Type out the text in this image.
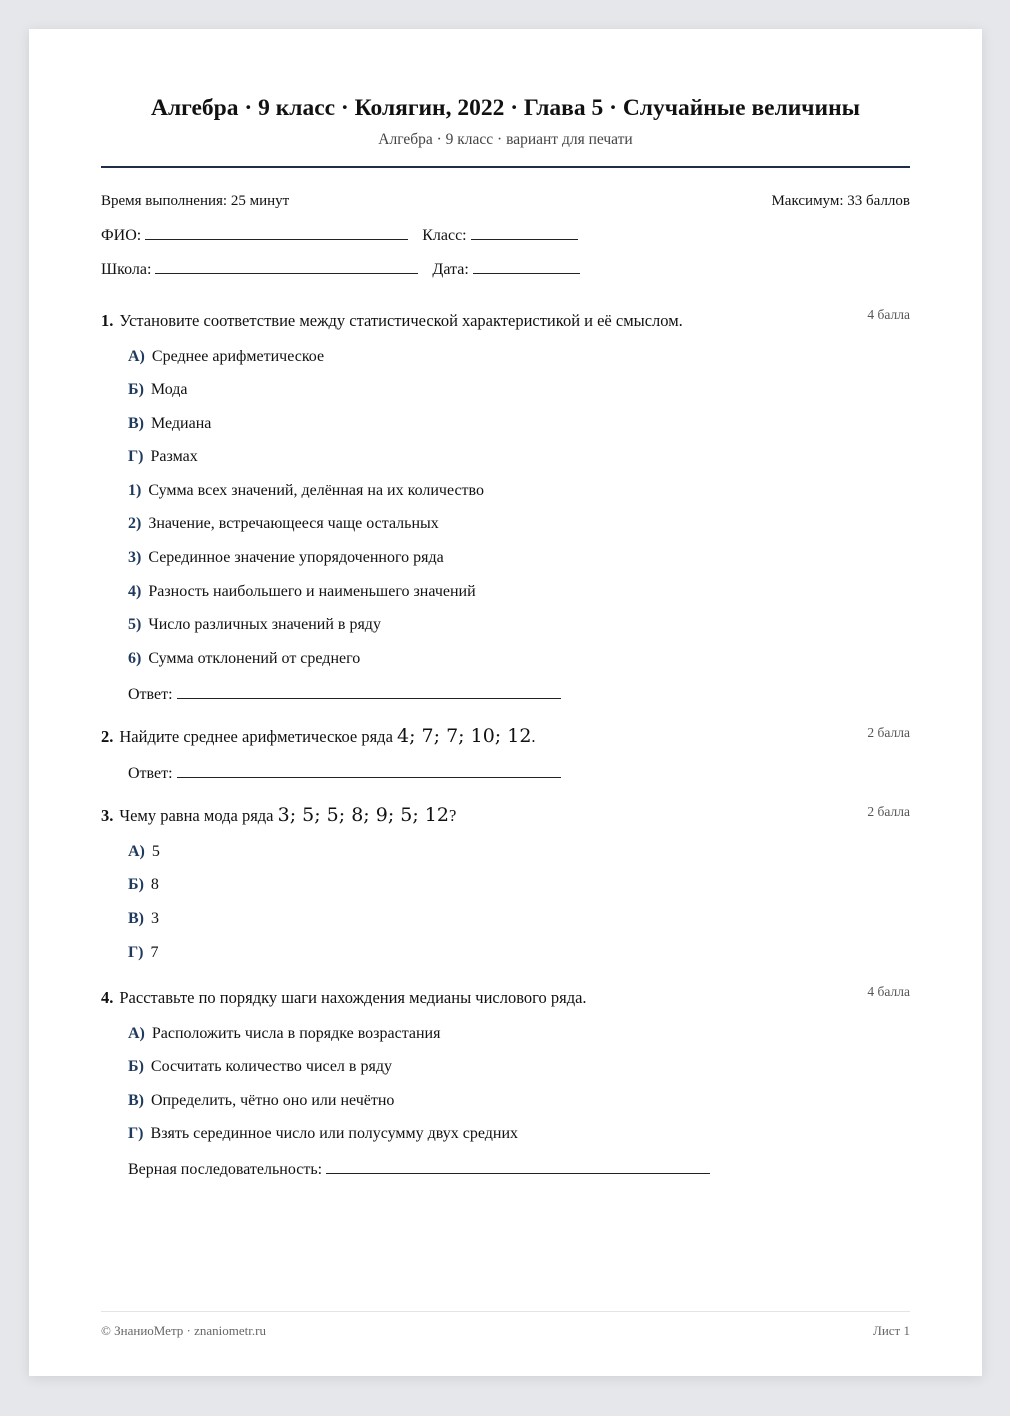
Алгебра · 9 класс · Колягин, 2022 · Глава 5 · Случайные величины
Алгебра · 9 класс · вариант для печати
Время выполнения: 25 минут	Максимум: 33 баллов
ФИО:	Класс:
Школа:	Дата:
1. Установите соответствие между статистической характеристикой и её смыслом.	4 балла
А) Среднее арифметическое
Б) Мода
В) Медиана
Г) Размах
1) Сумма всех значений, делённая на их количество
2) Значение, встречающееся чаще остальных
3) Серединное значение упорядоченного ряда
4) Разность наибольшего и наименьшего значений
5) Число различных значений в ряду
6) Сумма отклонений от среднего
Ответ:
2. Найдите среднее арифметическое ряда 4; 7; 7; 10; 12.	2 балла
Ответ:
3. Чему равна мода ряда 3; 5; 5; 8; 9; 5; 12?	2 балла
А) 5
Б) 8
В) 3
Г) 7
4. Расставьте по порядку шаги нахождения медианы числового ряда.	4 балла
А) Расположить числа в порядке возрастания
Б) Сосчитать количество чисел в ряду
В) Определить, чётно оно или нечётно
Г) Взять серединное число или полусумму двух средних
Верная последовательность:
© ЗнаниоМетр · znaniometr.ru	Лист 1
